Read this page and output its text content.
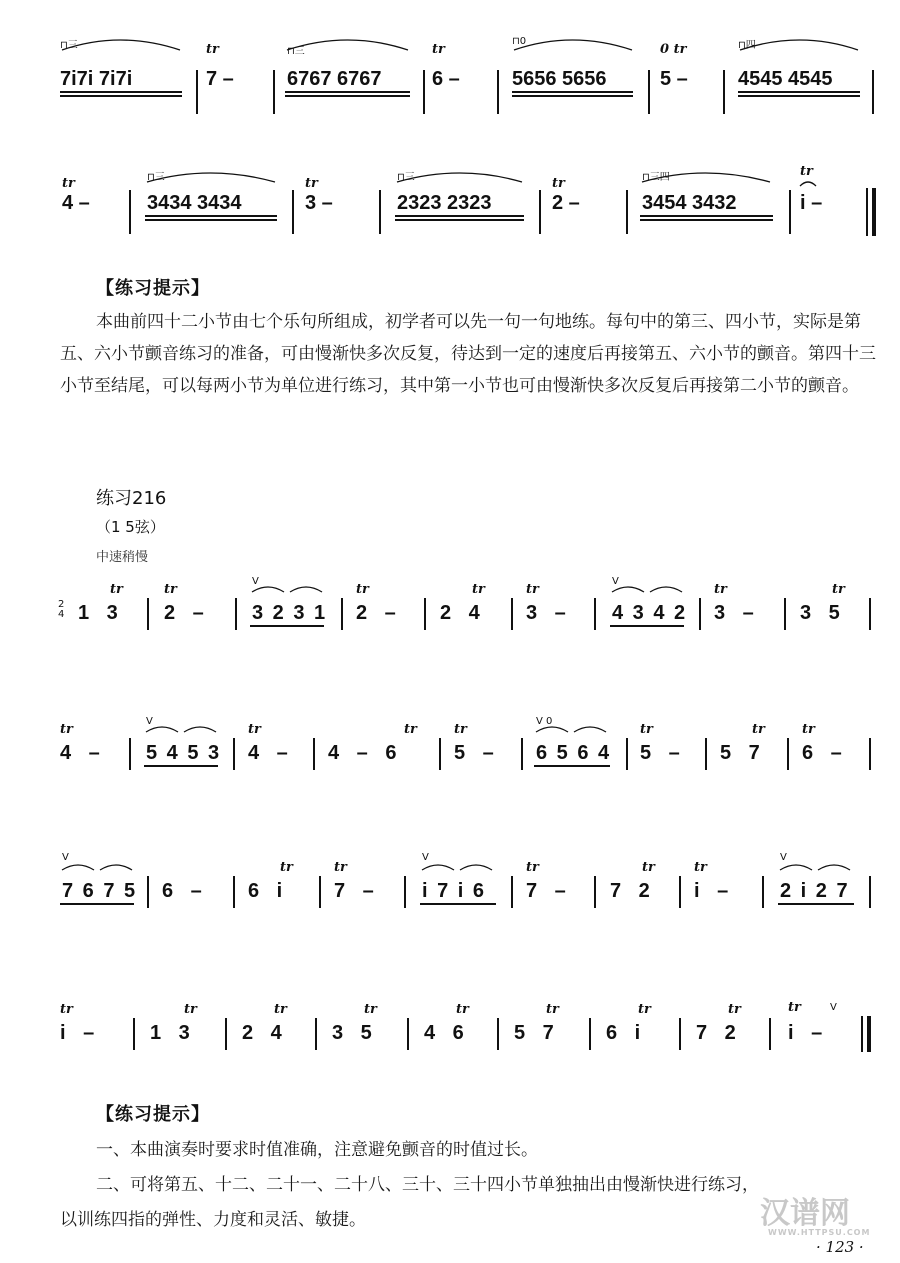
⊓三
7i7i 7i7i
tr
7 –
⊓三
6767 6767
tr
6 –
⊓0
5656 5656
0 tr
5 –
⊓四
4545 4545
tr
4 –
⊓三
3434 3434
tr
3 –
⊓三
2323 2323
tr
2 –
⊓三四
3454 3432
tr
i –
【练习提示】

本曲前四十二小节由七个乐句所组成，初学者可以先一句一句地练。每句中的第三、四小节，实际是第五、六小节颤音练习的准备，可由慢渐快多次反复，待达到一定的速度后再接第五、六小节的颤音。第四十三小节至结尾，可以每两小节为单位进行练习，其中第一小节也可由慢渐快多次反复后再接第二小节的颤音。

练习216
（1 5弦）
中速稍慢
2
4 1 3
tr
2 –
tr
3 2 3 1
V
2 –
tr
2 4
tr
3 –
tr
4 3 4 2
V
3 –
tr
3 5
tr
4 –
tr
5 4 5 3
V
4 –
tr
4 – 6
tr
5 –
tr
6 5 6 4
V 0
5 –
tr
5 7
tr
6 –
tr
7 6 7 5
V
6 – 6 i
tr
7 –
tr
i 7 i 6
V
7 –
tr
7 2
tr
i –
tr
2 i 2 7
V
i –
tr
1 3
tr
2 4
tr
3 5
tr
4 6
tr
5 7
tr
6 i
tr
7 2
tr
i –
tr	V
【练习提示】
一、本曲演奏时要求时值准确，注意避免颤音的时值过长。
二、可将第五、十二、二十一、二十八、三十、三十四小节单独抽出由慢渐快进行练习，
以训练四指的弹性、力度和灵活、敏捷。	汉谱网
WWW.HTTPSU.COM
· 123 ·
